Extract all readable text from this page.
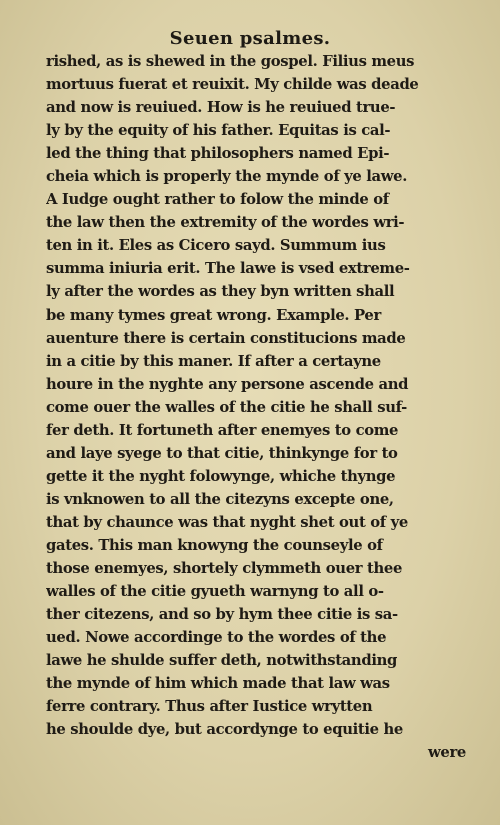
Seuen psalmes.
rished, as is shewed in the gospel. Filius meus
mortuus fuerat et reuixit. My childe was deade
and now is reuiued. How is he reuiued true-
ly by the equity of his father. Equitas is cal-
led the thing that philosophers named Epi-
cheia which is properly the mynde of ye lawe.
A Iudge ought rather to folow the minde of
the law then the extremity of the wordes wri-
ten in it. Eles as Cicero sayd. Summum ius
summa iniuria erit. The lawe is vsed extreme-
ly after the wordes as they byn written shall
be many tymes great wrong. Example. Per
auenture there is certain constitucions made
in a citie by this maner. If after a certayne
houre in the nyghte any persone ascende and
come ouer the walles of the citie he shall suf-
fer deth. It fortuneth after enemyes to come
and laye syege to that citie, thinkynge for to
gette it the nyght folowynge, whiche thynge
is vnknowen to all the citezyns excepte one,
that by chaunce was that nyght shet out of ye
gates. This man knowyng the counseyle of
those enemyes, shortely clymmeth ouer thee
walles of the citie gyueth warnyng to all o-
ther citezens, and so by hym thee citie is sa-
ued. Nowe accordinge to the wordes of the
lawe he shulde suffer deth, notwithstanding
the mynde of him which made that law was
ferre contrary. Thus after Iustice wrytten
he shoulde dye, but accordynge to equitie he
were
